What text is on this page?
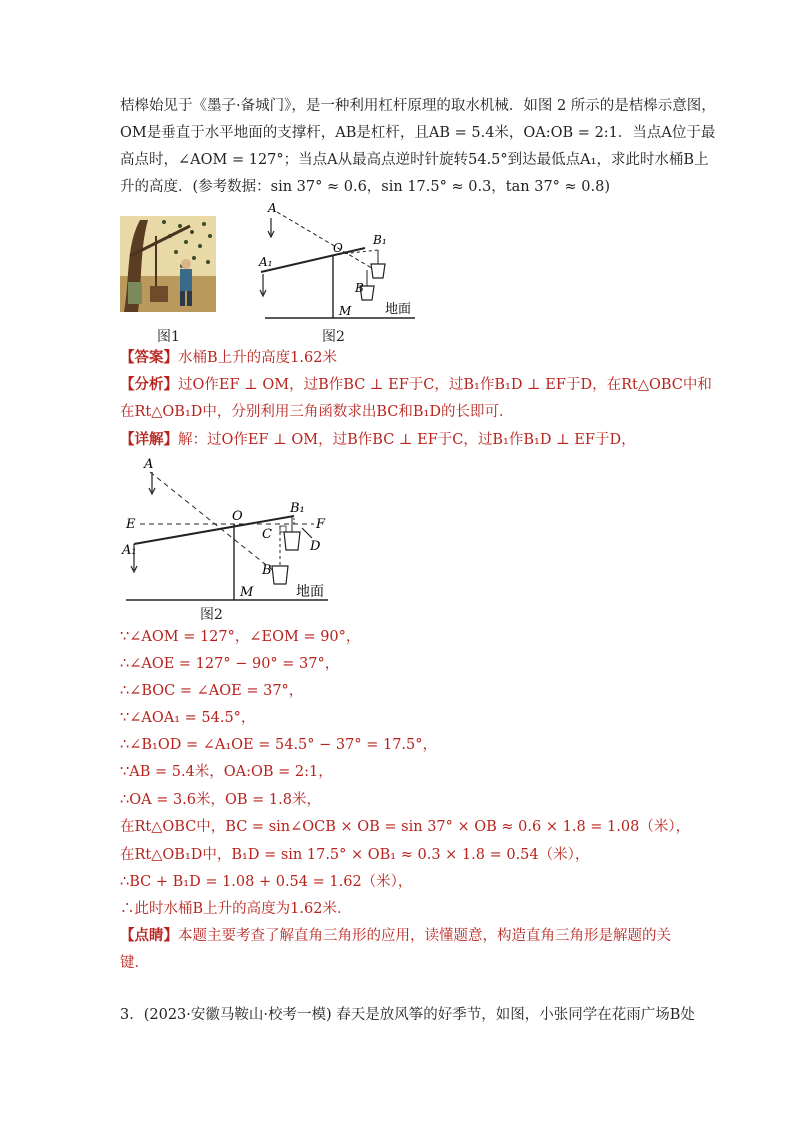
桔槔始见于《墨子·备城门》，是一种利用杠杆原理的取水机械．如图 2 所示的是桔槔示意图，
OM是垂直于水平地面的支撑杆，AB是杠杆，且AB = 5.4米，OA:OB = 2:1．当点A位于最
高点时，∠AOM = 127°；当点A从最高点逆时针旋转54.5°到达最低点A₁，求此时水桶B上
升的高度．(参考数据：sin 37° ≈ 0.6，sin 17.5° ≈ 0.3，tan 37° ≈ 0.8)
图1
A
A₁
O
B₁
B
M	地面
图2
【答案】水桶B上升的高度1.62米
【分析】过O作EF ⊥ OM，过B作BC ⊥ EF于C，过B₁作B₁D ⊥ EF于D，在Rt△OBC中和
在Rt△OB₁D中，分别利用三角函数求出BC和B₁D的长即可．
【详解】解：过O作EF ⊥ OM，过B作BC ⊥ EF于C，过B₁作B₁D ⊥ EF于D，
A
E
A₁
O
B₁
F
C
D
B
M	地面
图2
∵∠AOM = 127°，∠EOM = 90°，
∴∠AOE = 127° − 90° = 37°，
∴∠BOC = ∠AOE = 37°，
∵∠AOA₁ = 54.5°，
∴∠B₁OD = ∠A₁OE = 54.5° − 37° = 17.5°，
∵AB = 5.4米，OA:OB = 2:1，
∴OA = 3.6米，OB = 1.8米，
在Rt△OBC中，BC = sin∠OCB × OB = sin 37° × OB ≈ 0.6 × 1.8 = 1.08（米），
在Rt△OB₁D中，B₁D = sin 17.5° × OB₁ ≈ 0.3 × 1.8 = 0.54（米），
∴BC + B₁D = 1.08 + 0.54 = 1.62（米），
∴此时水桶B上升的高度为1.62米．
【点睛】本题主要考查了解直角三角形的应用，读懂题意，构造直角三角形是解题的关
键．
3．(2023·安徽马鞍山·校考一模) 春天是放风筝的好季节，如图，小张同学在花雨广场B处
